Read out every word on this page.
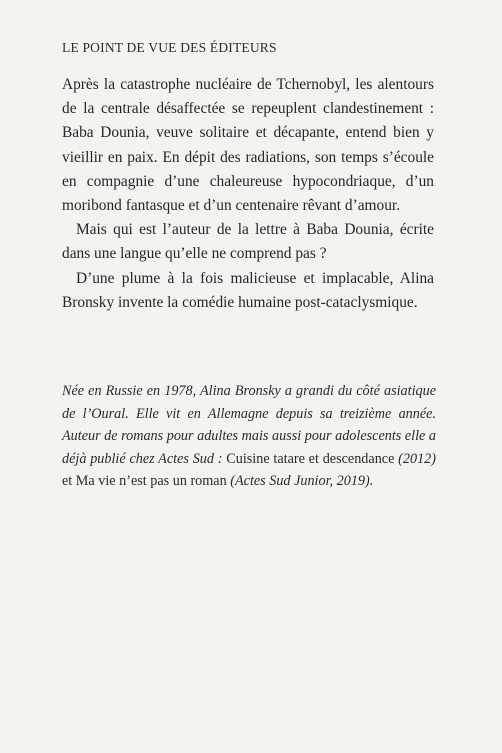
LE POINT DE VUE DES ÉDITEURS

Après la catastrophe nucléaire de Tchernobyl, les alentours de la centrale désaffectée se repeuplent clandestinement : Baba Dounia, veuve solitaire et décapante, entend bien y vieillir en paix. En dépit des radiations, son temps s’écoule en compagnie d’une chaleureuse hypocondriaque, d’un moribond fantasque et d’un centenaire rêvant d’amour.

Mais qui est l’auteur de la lettre à Baba Dounia, écrite dans une langue qu’elle ne comprend pas ?

D’une plume à la fois malicieuse et implacable, Alina Bronsky invente la comédie humaine post-cataclysmique.

Née en Russie en 1978, Alina Bronsky a grandi du côté asiatique de l’Oural. Elle vit en Allemagne depuis sa treizième année. Auteur de romans pour adultes mais aussi pour adolescents elle a déjà publié chez Actes Sud : Cuisine tatare et descendance (2012) et Ma vie n’est pas un roman (Actes Sud Junior, 2019).
